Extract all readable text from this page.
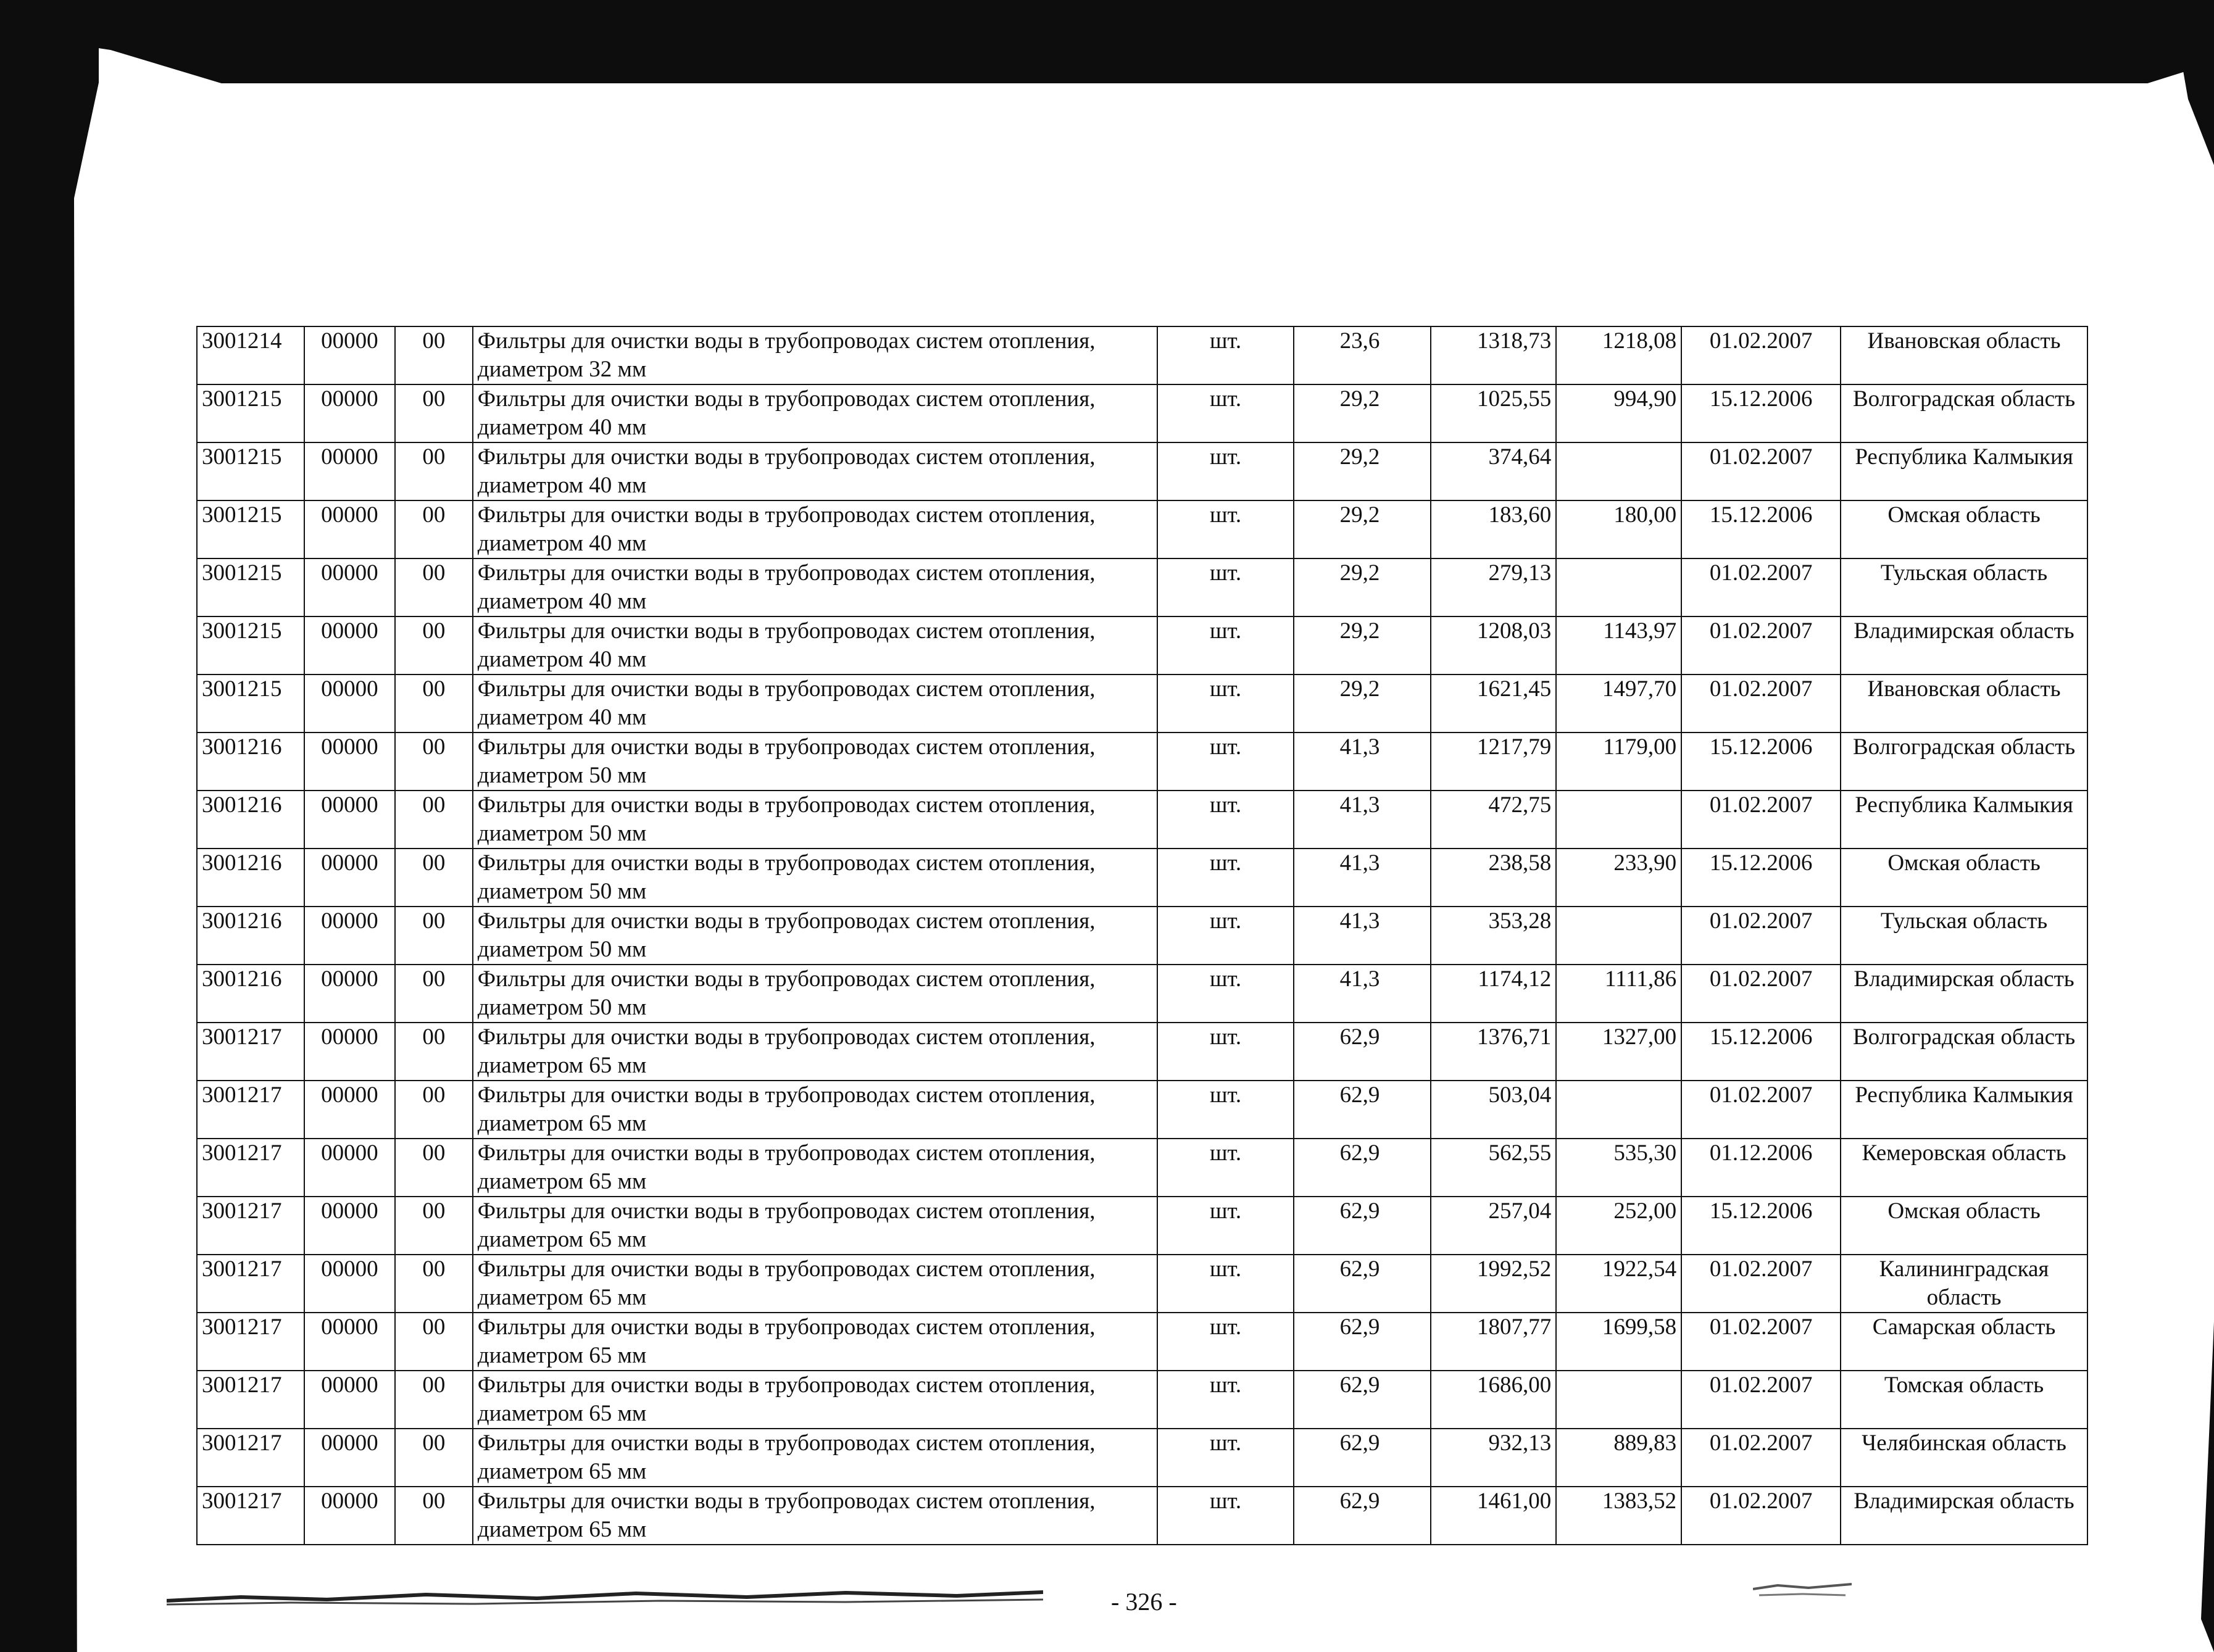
3001214	00000	00	Фильтры для очистки воды в трубопроводах систем отопления, диаметром 32 мм	шт.	23,6	1318,73	1218,08	01.02.2007	Ивановская область
3001215	00000	00	Фильтры для очистки воды в трубопроводах систем отопления, диаметром 40 мм	шт.	29,2	1025,55	994,90	15.12.2006	Волгоградская область
3001215	00000	00	Фильтры для очистки воды в трубопроводах систем отопления, диаметром 40 мм	шт.	29,2	374,64		01.02.2007	Республика Калмыкия
3001215	00000	00	Фильтры для очистки воды в трубопроводах систем отопления, диаметром 40 мм	шт.	29,2	183,60	180,00	15.12.2006	Омская область
3001215	00000	00	Фильтры для очистки воды в трубопроводах систем отопления, диаметром 40 мм	шт.	29,2	279,13		01.02.2007	Тульская область
3001215	00000	00	Фильтры для очистки воды в трубопроводах систем отопления, диаметром 40 мм	шт.	29,2	1208,03	1143,97	01.02.2007	Владимирская область
3001215	00000	00	Фильтры для очистки воды в трубопроводах систем отопления, диаметром 40 мм	шт.	29,2	1621,45	1497,70	01.02.2007	Ивановская область
3001216	00000	00	Фильтры для очистки воды в трубопроводах систем отопления, диаметром 50 мм	шт.	41,3	1217,79	1179,00	15.12.2006	Волгоградская область
3001216	00000	00	Фильтры для очистки воды в трубопроводах систем отопления, диаметром 50 мм	шт.	41,3	472,75		01.02.2007	Республика Калмыкия
3001216	00000	00	Фильтры для очистки воды в трубопроводах систем отопления, диаметром 50 мм	шт.	41,3	238,58	233,90	15.12.2006	Омская область
3001216	00000	00	Фильтры для очистки воды в трубопроводах систем отопления, диаметром 50 мм	шт.	41,3	353,28		01.02.2007	Тульская область
3001216	00000	00	Фильтры для очистки воды в трубопроводах систем отопления, диаметром 50 мм	шт.	41,3	1174,12	1111,86	01.02.2007	Владимирская область
3001217	00000	00	Фильтры для очистки воды в трубопроводах систем отопления, диаметром 65 мм	шт.	62,9	1376,71	1327,00	15.12.2006	Волгоградская область
3001217	00000	00	Фильтры для очистки воды в трубопроводах систем отопления, диаметром 65 мм	шт.	62,9	503,04		01.02.2007	Республика Калмыкия
3001217	00000	00	Фильтры для очистки воды в трубопроводах систем отопления, диаметром 65 мм	шт.	62,9	562,55	535,30	01.12.2006	Кемеровская область
3001217	00000	00	Фильтры для очистки воды в трубопроводах систем отопления, диаметром 65 мм	шт.	62,9	257,04	252,00	15.12.2006	Омская область
3001217	00000	00	Фильтры для очистки воды в трубопроводах систем отопления, диаметром 65 мм	шт.	62,9	1992,52	1922,54	01.02.2007	Калининградская область
3001217	00000	00	Фильтры для очистки воды в трубопроводах систем отопления, диаметром 65 мм	шт.	62,9	1807,77	1699,58	01.02.2007	Самарская область
3001217	00000	00	Фильтры для очистки воды в трубопроводах систем отопления, диаметром 65 мм	шт.	62,9	1686,00		01.02.2007	Томская область
3001217	00000	00	Фильтры для очистки воды в трубопроводах систем отопления, диаметром 65 мм	шт.	62,9	932,13	889,83	01.02.2007	Челябинская область
3001217	00000	00	Фильтры для очистки воды в трубопроводах систем отопления, диаметром 65 мм	шт.	62,9	1461,00	1383,52	01.02.2007	Владимирская область
- 326 -
